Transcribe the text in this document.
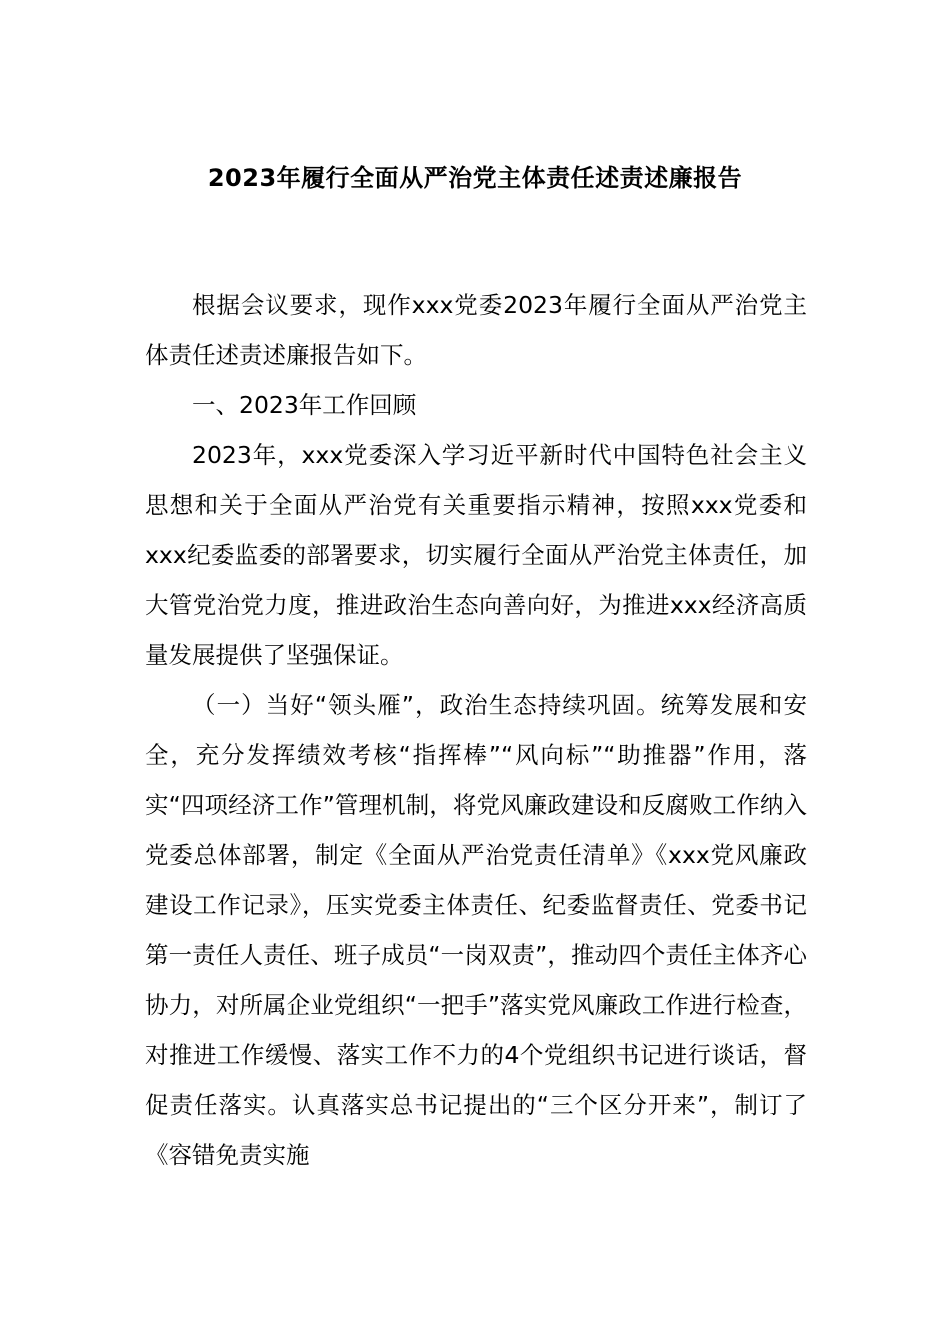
2023年履行全面从严治党主体责任述责述廉报告

根据会议要求，现作xxx党委2023年履行全面从严治党主体责任述责述廉报告如下。

一、2023年工作回顾

2023年，xxx党委深入学习近平新时代中国特色社会主义思想和关于全面从严治党有关重要指示精神，按照xxx党委和xxx纪委监委的部署要求，切实履行全面从严治党主体责任，加大管党治党力度，推进政治生态向善向好，为推进xxx经济高质量发展提供了坚强保证。

（一）当好“领头雁”，政治生态持续巩固。统筹发展和安全，充分发挥绩效考核“指挥棒”“风向标”“助推器”作用，落实“四项经济工作”管理机制，将党风廉政建设和反腐败工作纳入党委总体部署，制定《全面从严治党责任清单》《xxx党风廉政建设工作记录》，压实党委主体责任、纪委监督责任、党委书记第一责任人责任、班子成员“一岗双责”，推动四个责任主体齐心协力，对所属企业党组织“一把手”落实党风廉政工作进行检查，对推进工作缓慢、落实工作不力的4个党组织书记进行谈话，督促责任落实。认真落实总书记提出的“三个区分开来”，制订了《容错免责实施
